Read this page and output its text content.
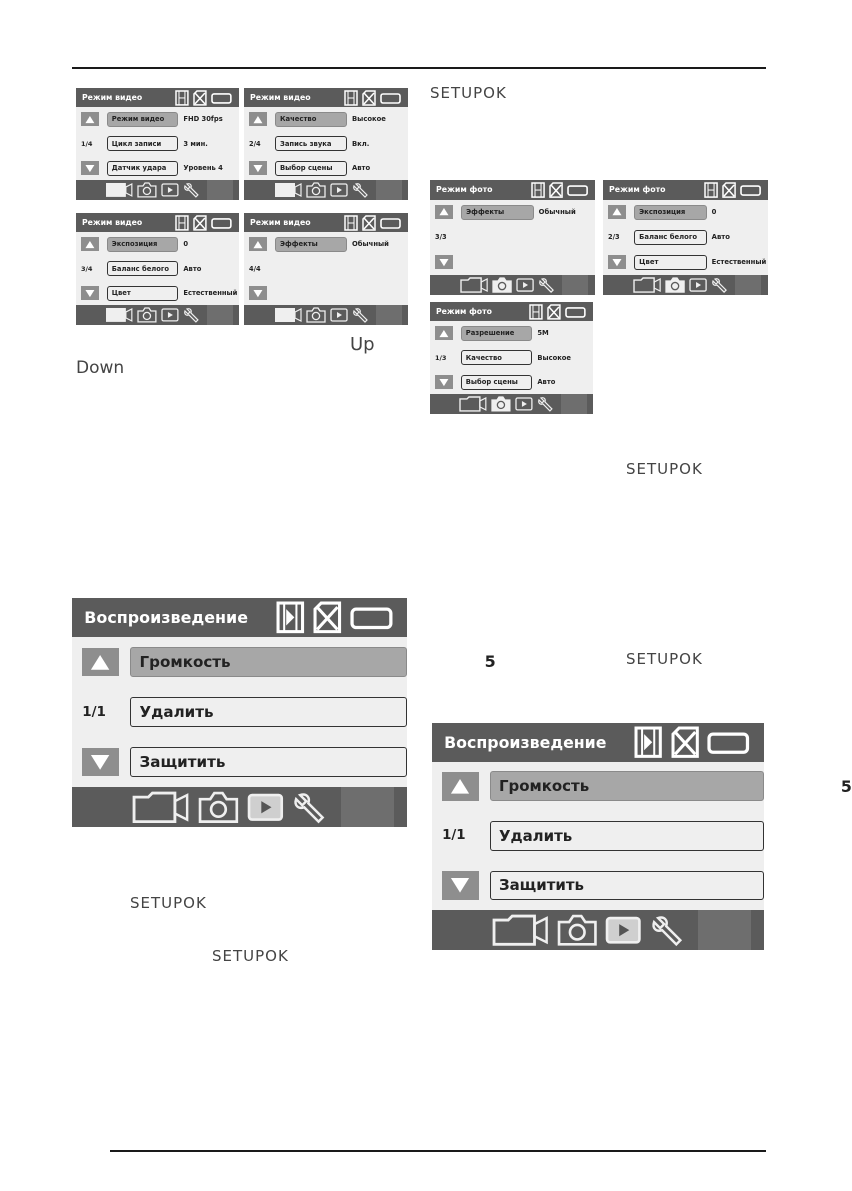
SETUPOK
Up
Down
SETUPOK
SETUPOK
SETUPOK
SETUPOK
Режим видео
Режим видео	FHD 30fps
1/4	Цикл записи	3 мин.
Датчик удара	Уровень 4
Режим видео
Качество	Высокое
2/4	Запись звука	Вкл.
Выбор сцены	Авто
Режим видео
Экспозиция	0
3/4	Баланс белого	Авто
Цвет	Естественный
Режим видео
Эффекты	Обычный
4/4
Режим фото
Эффекты	Обычный
3/3
Режим фото
Экспозиция	0
2/3	Баланс белого	Авто
Цвет	Естественный
Режим фото
Разрешение	5M
1/3	Качество	Высокое
Выбор сцены	Авто
Воспроизведение
Громкость	5
1/1	Удалить
Защитить
Воспроизведение
Громкость	5
1/1	Удалить
Защитить
